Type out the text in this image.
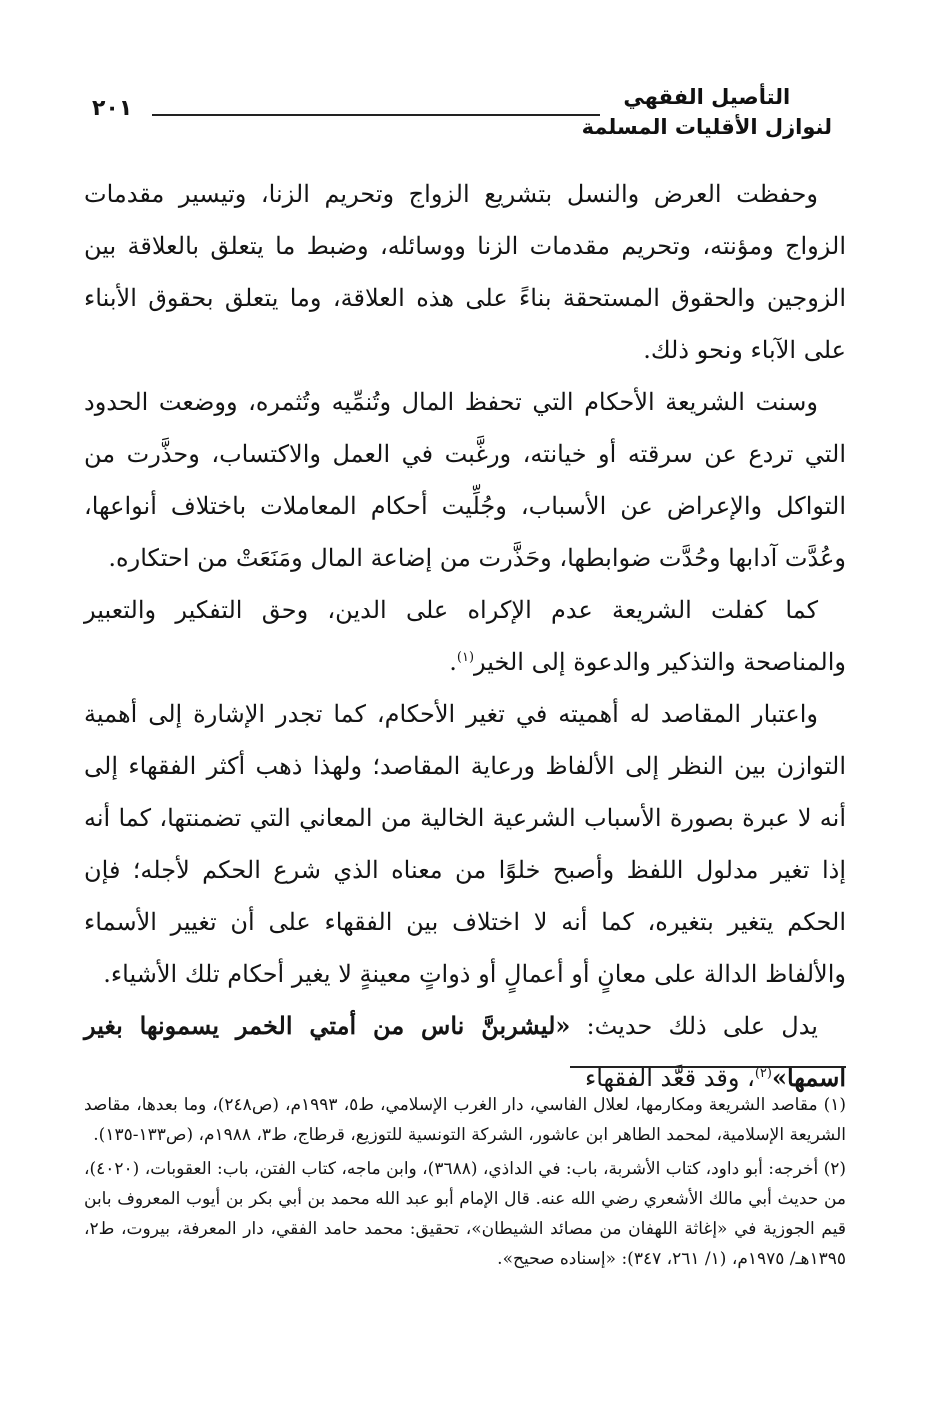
التأصيل الفقهي
لنوازل الأقليات المسلمة
٢٠١

وحفظت العرض والنسل بتشريع الزواج وتحريم الزنا، وتيسير مقدمات الزواج ومؤنته، وتحريم مقدمات الزنا ووسائله، وضبط ما يتعلق بالعلاقة بين الزوجين والحقوق المستحقة بناءً على هذه العلاقة، وما يتعلق بحقوق الأبناء على الآباء ونحو ذلك.

وسنت الشريعة الأحكام التي تحفظ المال وتُنمِّيه وتُثمره، ووضعت الحدود التي تردع عن سرقته أو خيانته، ورغَّبت في العمل والاكتساب، وحذَّرت من التواكل والإعراض عن الأسباب، وجُلِّيت أحكام المعاملات باختلاف أنواعها، وعُدَّت آدابها وحُدَّت ضوابطها، وحَذَّرت من إضاعة المال ومَنَعَتْ من احتكاره.

كما كفلت الشريعة عدم الإكراه على الدين، وحق التفكير والتعبير والمناصحة والتذكير والدعوة إلى الخير$^{(١)}$.

واعتبار المقاصد له أهميته في تغير الأحكام، كما تجدر الإشارة إلى أهمية التوازن بين النظر إلى الألفاظ ورعاية المقاصد؛ ولهذا ذهب أكثر الفقهاء إلى أنه لا عبرة بصورة الأسباب الشرعية الخالية من المعاني التي تضمنتها، كما أنه إذا تغير مدلول اللفظ وأصبح خلوًا من معناه الذي شرع الحكم لأجله؛ فإن الحكم يتغير بتغيره، كما أنه لا اختلاف بين الفقهاء على أن تغيير الأسماء والألفاظ الدالة على معانٍ أو أعمالٍ أو ذواتٍ معينةٍ لا يغير أحكام تلك الأشياء.

يدل على ذلك حديث: «ليشربنَّ ناس من أمتي الخمر يسمونها بغير اسمها»$^{(٢)}$، وقد قعَّد الفقهاء

(١) مقاصد الشريعة ومكارمها، لعلال الفاسي، دار الغرب الإسلامي، ط٥، ١٩٩٣م، (ص٢٤٨)، وما بعدها، مقاصد الشريعة الإسلامية، لمحمد الطاهر ابن عاشور، الشركة التونسية للتوزيع، قرطاج، ط٣، ١٩٨٨م، (ص١٣٣-١٣٥).

(٢) أخرجه: أبو داود، كتاب الأشربة، باب: في الداذي، (٣٦٨٨)، وابن ماجه، كتاب الفتن، باب: العقوبات، (٤٠٢٠)، من حديث أبي مالك الأشعري رضي الله عنه. قال الإمام أبو عبد الله محمد بن أبي بكر بن أيوب المعروف بابن قيم الجوزية في «إغاثة اللهفان من مصائد الشيطان»، تحقيق: محمد حامد الفقي، دار المعرفة، بيروت، ط٢، ١٣٩٥هـ/ ١٩٧٥م، (١/ ٢٦١، ٣٤٧): «إسناده صحيح».
